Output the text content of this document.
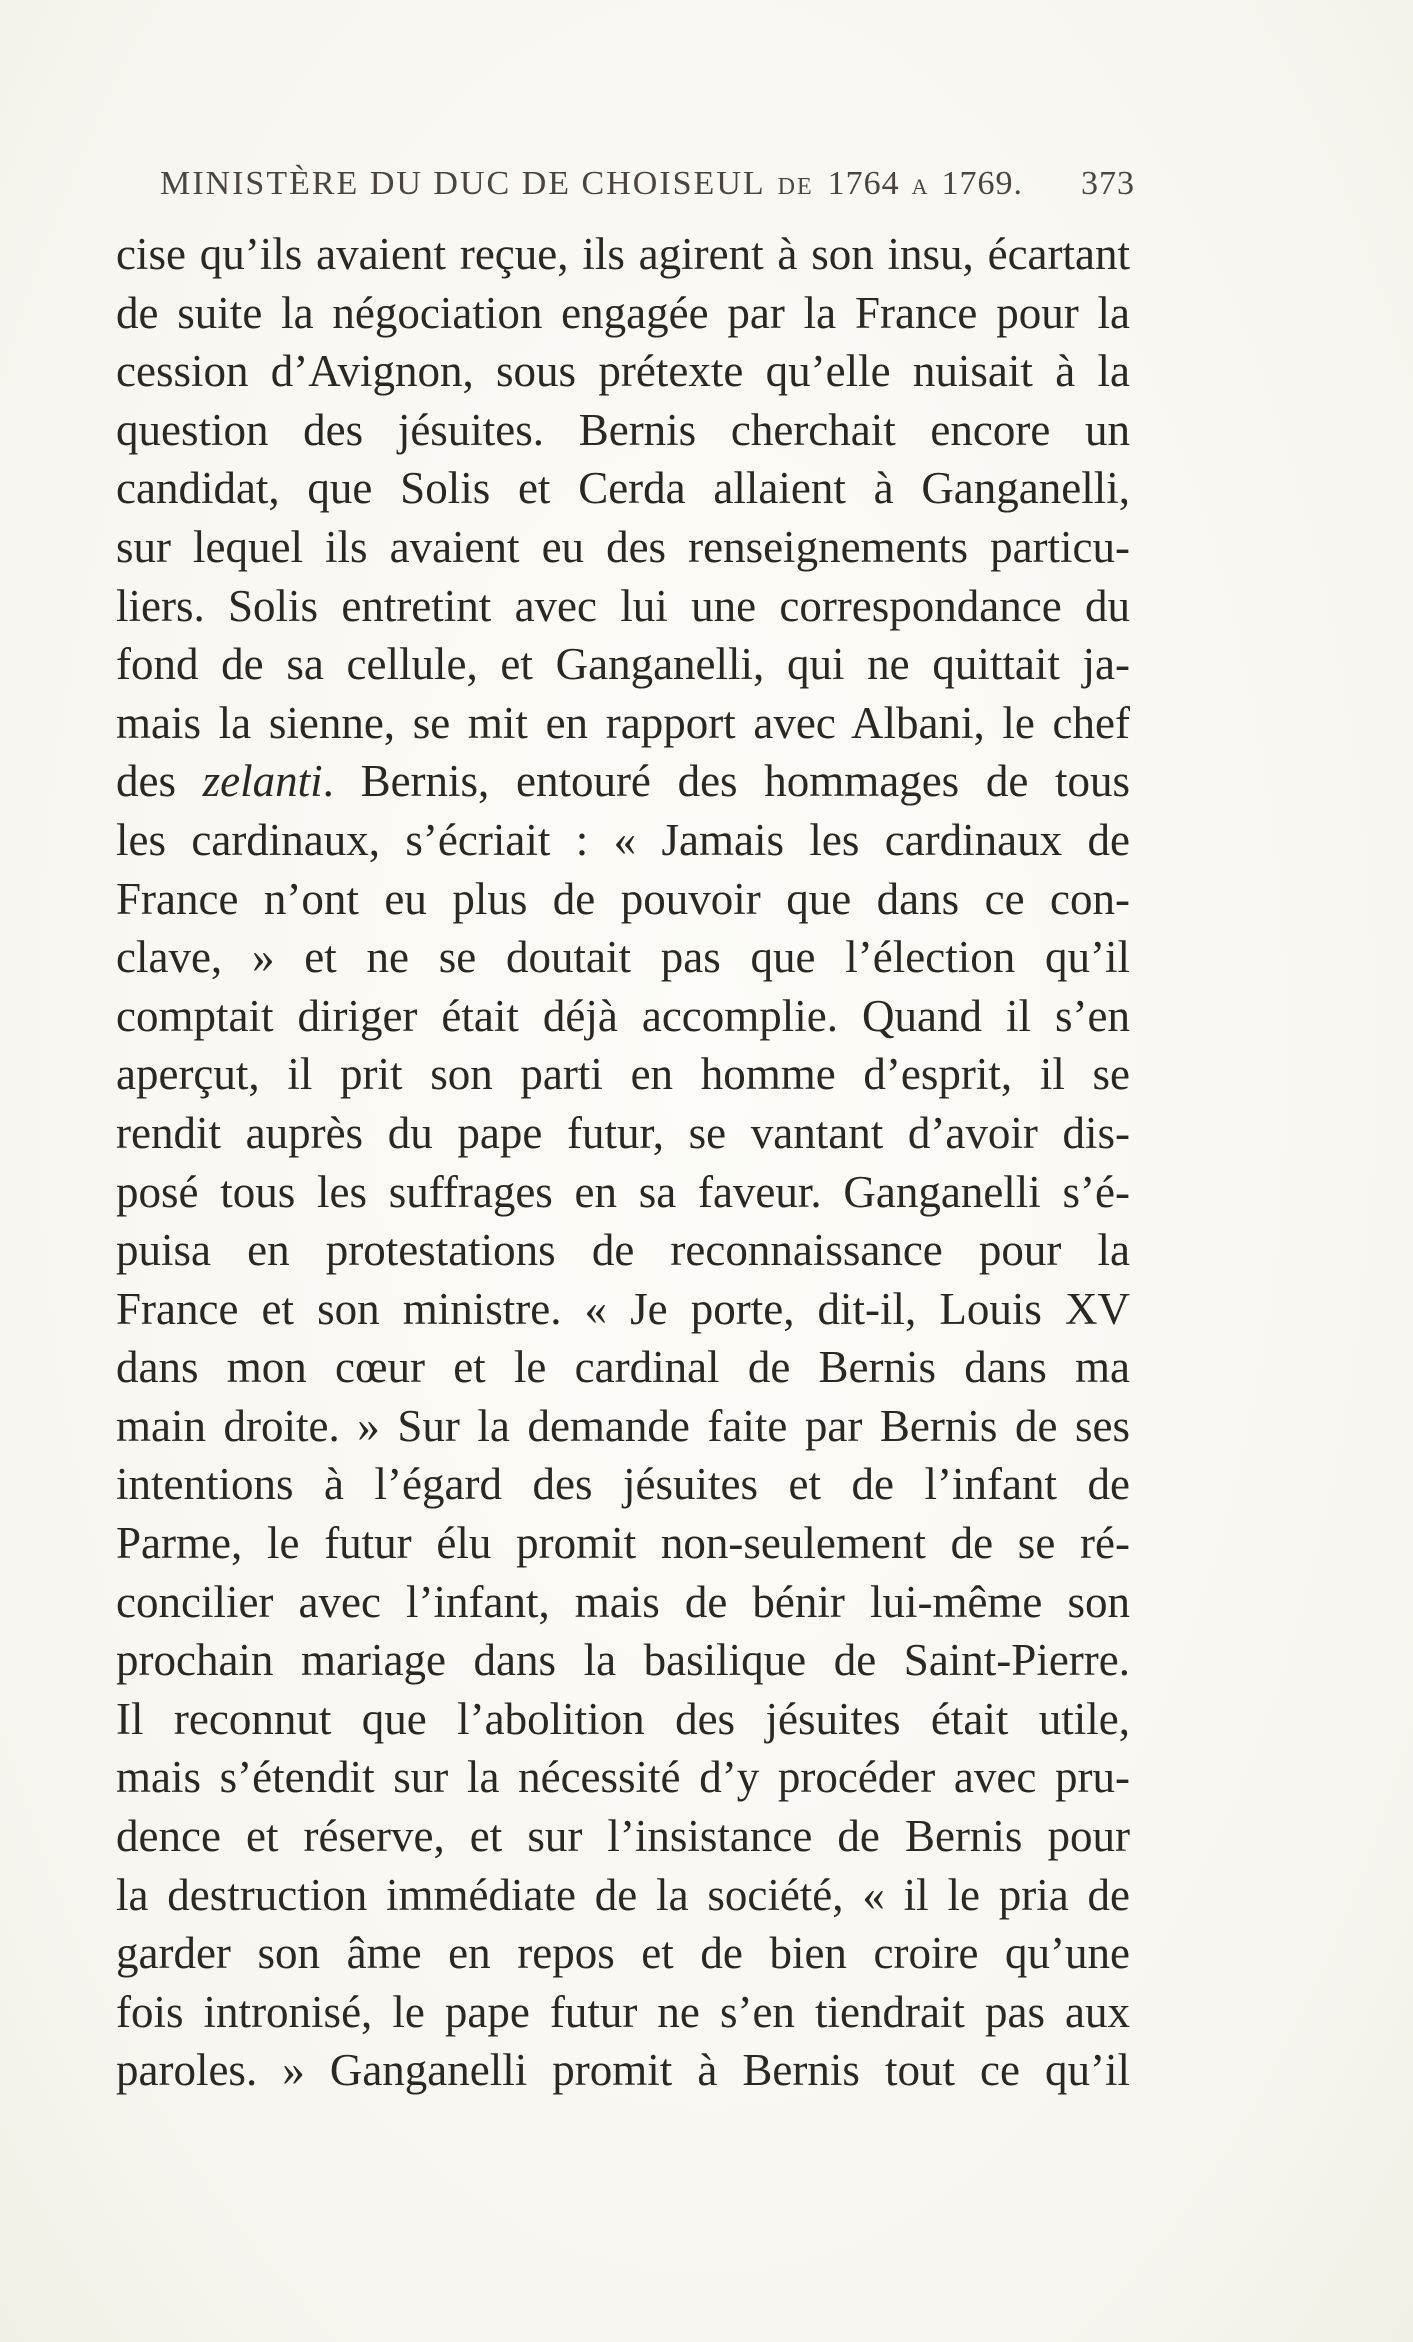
MINISTÈRE DU DUC DE CHOISEUL DE 1764 A 1769. 373
cise qu’ils avaient reçue, ils agirent à son insu, écartant
de suite la négociation engagée par la France pour la
cession d’Avignon, sous prétexte qu’elle nuisait à la
question des jésuites. Bernis cherchait encore un
candidat, que Solis et Cerda allaient à Ganganelli,
sur lequel ils avaient eu des renseignements particu-
liers. Solis entretint avec lui une correspondance du
fond de sa cellule, et Ganganelli, qui ne quittait ja-
mais la sienne, se mit en rapport avec Albani, le chef
des zelanti. Bernis, entouré des hommages de tous
les cardinaux, s’écriait : « Jamais les cardinaux de
France n’ont eu plus de pouvoir que dans ce con-
clave, » et ne se doutait pas que l’élection qu’il
comptait diriger était déjà accomplie. Quand il s’en
aperçut, il prit son parti en homme d’esprit, il se
rendit auprès du pape futur, se vantant d’avoir dis-
posé tous les suffrages en sa faveur. Ganganelli s’é-
puisa en protestations de reconnaissance pour la
France et son ministre. « Je porte, dit-il, Louis XV
dans mon cœur et le cardinal de Bernis dans ma
main droite. » Sur la demande faite par Bernis de ses
intentions à l’égard des jésuites et de l’infant de
Parme, le futur élu promit non-seulement de se ré-
concilier avec l’infant, mais de bénir lui-même son
prochain mariage dans la basilique de Saint-Pierre.
Il reconnut que l’abolition des jésuites était utile,
mais s’étendit sur la nécessité d’y procéder avec pru-
dence et réserve, et sur l’insistance de Bernis pour
la destruction immédiate de la société, « il le pria de
garder son âme en repos et de bien croire qu’une
fois intronisé, le pape futur ne s’en tiendrait pas aux
paroles. » Ganganelli promit à Bernis tout ce qu’il
